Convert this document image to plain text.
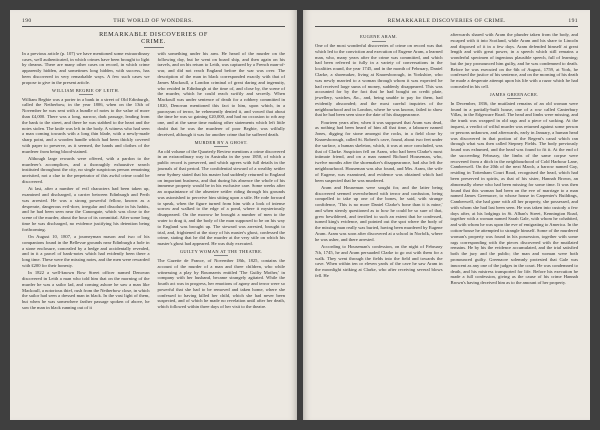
190	THE WORLD OF WONDERS.
REMARKABLE DISCOVERIES OF
CRIME.

In a previous article (p. 107) we have mentioned some extraordinary cases, well authenticated, in which crimes have been brought to light by dreams. There are many other cases on record, in which crime apparently hidden, and sometimes long hidden, with success, has been discovered in very remarkable ways. A few such cases we propose to give in the present article.

WILLIAM BEGBIE OF LEITH.

William Begbie was a porter in a bank in a street of Old Edinburgh, called the Netherbow, in the year 1806, when on the 13th of November he was sent with a bundle of notes to the value of more than £4,000. There was a long, narrow, dark passage, leading from the bank to the street, and there he was stabbed to the heart and the notes stolen. The knife was left in the body. A witness who had seen a man coming towards with a long thin blade, with a newly-made sharp point, and a wooden handle which had been thickly covered with paper to preserve, as it seemed, the hands and clothes of the murderer from being blood-stained.

Although large rewards were offered, with a pardon to the murderer's accomplices, and a thoroughly exhaustive search instituted throughout the city, no single suspicious person remaining unvisited, not a clue to the perpetrator of this awful crime could be discovered.

At last, after a number of evil characters had been taken up, examined and discharged, a carrier between Edinburgh and Perth was arrested. He was a strong powerful fellow, known as a desperate, dangerous evil-doer, irregular and dissolute in his habits, and he had been seen near the Canongate, which was close to the scene of the murder, about the hour of its committal. After some long time he was discharged, no evidence justifying his detention being forthcoming.

On August 10, 1807, a journeyman mason and two of his companions found in the Bellevue grounds near Edinburgh a hole in a stone enclosure, concealed by a hedge and accidentally revealed, and in it a parcel of bank-notes which had evidently been there a long time. These were the missing notes, and the men were rewarded with £200 for their honesty.

In 1822 a well-known Bow Street officer named Denovan discovered in Leith a man who told him that on the morning of the murder he was a sailor lad, and coming ashore he saw a man like Mackoull, a notorious thief, rush from the Netherbow close, in which the sailor had seen a dressed man in black. In the vast light of them, but when he was somewhere farther passage spoken of above, he saw the man in black running out of it

with something under his arm. He heard of the murder on the following day, but he went on board ship, and then again on his travels, and on his return to Leith, was captured by a French man-of-war, and did not reach England before the war was over. The description of the man in black corresponded exactly with that of James Mackoull, a London criminal of great daring and ingenuity, who resided in Edinburgh at the time of, and close by, the scene of the murder, which he could reach swiftly and secretly. When Mackoull was under sentence of death for a robbery committed in 1820, Denovan mentioned this fact to him, upon which, in a paroxysm of terror, he vehemently denied it, and vowed that about the time he was so gaining £20,000, and had no occasion to rob any one, and at the same time making other statements which left little doubt that he was the murderer of poor Begbie, was wilfully deceived, although it was for another crime that he suffered death.

MURDER BY A GHOST.

An old volume of the Quarterly Review mentions a crime discovered in an extraordinary way in Australia in the year 1850, of which a public record is preserved, and which agrees with full details in the journals of that period. The confidential steward of a wealthy settler near Sydney stated that his master had suddenly returned to England on important business, and that during his absence the whole of his immense property would be in his exclusive care. Some weeks after an acquaintance of the absentee settler riding through his grounds was astonished to perceive him sitting upon a stile. He rode forward to speak, when the figure turned from him with a look of intense sorrow and walked to the edge of a pond, where it mysteriously disappeared. On the morrow he brought a number of men to the water to drag it, and the body of the man supposed to be on his way to England was brought up. The steward was arrested, brought to trial, and, frightened at the story of his master's ghost, confessed the crime, stating that he did the murder at the very stile on which his master's ghost had appeared. He was duly executed.

GUILTY WOMAN AT THE THEATRE.

The Gazette de France, of November 18th, 1825, contains the account of the murder of a man and three children, who while witnessing a play by Bournaerts entitled 'The Guilty Mother,' in company with her husband, became strangely agitated. While the fourth act was in progress, her emotions of agony and terror were so powerful that she had to be removed and taken home, where she confessed to having killed her child, which she had never been suspected, and of which he made no revelation until after her death, which followed within three days of her visit to the theatre.

REMARKABLE DISCOVERIES OF CRIME.	191
EUGENE ARAM.

One of the most wonderful discoveries of crime on record was that which led to the conviction and execution of Eugene Aram, a learned man, who, many years after the crime was committed, and which had been referred to fully in a variety of conversations in the localities round, the year 1745, and in the month of February, Daniel Clarke, a shoemaker, living at Knaresborough, in Yorkshire, who was newly married to a woman through whom it was expected he had received large sums of money, suddenly disappeared. This was accounted for by the fact that he had bought on credit plate, jewellery, watches, &c., and, being unable to pay for them, had evidently absconded; and the most careful inquiries of the neighbourhood and in London, where he was known, failed to show that he had been seen since the date of his disappearance.

Fourteen years after, when it was supposed that Aram was dead, as nothing had been heard of him all that time, a labourer named Jones, digging for stone amongst the rocks, in a field close by Knaresborough, called St. Robert's cave, found, about two feet under the surface, a human skeleton, which, it was at once concluded, was that of Clarke. Suspicion fell on Aram, who had been Clarke's most intimate friend, and on a man named Richard Houseman, who, twelve months after the shoemaker's disappearance, had also left the neighbourhood. Houseman was also found, and Mrs. Aram, the wife of Eugene, was examined, and evidence was obtained which had been suspected that he was murdered.

Aram and Houseman were sought for, and the latter being discovered seemed overwhelmed with terror and confusion, being compelled to take up one of the bones, he said, with strange confidence, 'This is no more Daniel Clarke's bone than it is mine,' and when sternly questioned as to how he could be so sure of that, grew bewildered, and terrified to such an extent that he confessed, turned king's evidence, and pointed out the spot where the body of the missing man really was buried, having been murdered by Eugene Aram. Aram was soon after discovered at a school in Norfolk, where he was usher, and there arrested.

According to Houseman's confession, on the night of February 7th, 1745, he and Aram persuaded Clarke to go out with them for a walk. They went through the fields into the field and towards the cave. When within ten or eleven yards of the cave he saw Aram in the moonlight striking at Clarke, who after receiving several blows fell. He

afterwards shared with Aram the plunder taken from the body, and escaped with it into Scotland, while Aram and his share to Lincoln and disposed of it in a few days. Aram defended himself at great length and with great power, in a speech which still remains a wonderful specimen of ingenious plausible speech, full of learning; but the jury pronounced him guilty, and he was condemned to death. Before he was executed on the 6th of August, 1759, at York, he confessed the justice of his sentence, and on the morning of his death he made a desperate attempt upon his life with a razor which he had concealed in his cell.

JAMES GREENACRE.

In December, 1836, the mutilated remains of an old woman were found in a partially-built house, one of a row called Canterbury Villas, in the Edgeware Road. The head and limbs were missing, and the trunk was wrapped in old rags and a piece of sacking. At the inquest, a verdict of wilful murder was returned against some person or persons unknown, and afterwards, early in January, a human head was discovered in that portion of the Regent's canal which ran through what was then called Stepney Fields. The body previously found was exhumed, and the head was found to fit it. At the end of the succeeding February, the limbs of the same corpse were recovered from a ditch in the neighbourhood of Cold Harbour Lane, Camberwell. On the 20th of the next March, a barrow named Gay, residing in Tottenham Court Road, recognised the head, which had been preserved in spirits, as that of his sister, Hannah Brown, an abnormally obese who had been missing for some time. It was then found that this woman had been on the eve of marriage to a man named James Greenacre, to whose house in Carpenter's Buildings, Camberwell, she had gone with all her property, she possessed, and with whom she had last been seen. He was taken into custody a few days after, at his lodgings in St. Alban's Street, Kennington Road, together with a woman named Sarah Gale, with whom he cohabited, and with whom he was upon the eve of emigrating to America. In the cotton-house he attempted to strangle himself. Some of the murdered woman's property was found in his possession, together with some rags corresponding with the pieces discovered with the mutilated remains. He by his the evidence accumulated, and the trial satisfied both the jury and the public; the man and woman were both pronounced guilty. Greenacre solemnly protested that Gale was innocent as any one of the judges in the court. He was condemned to death, and his mistress transported for life. Before his execution he made a full confession, giving as the cause of his crime Hannah Brown's having deceived him as to the amount of her property.
